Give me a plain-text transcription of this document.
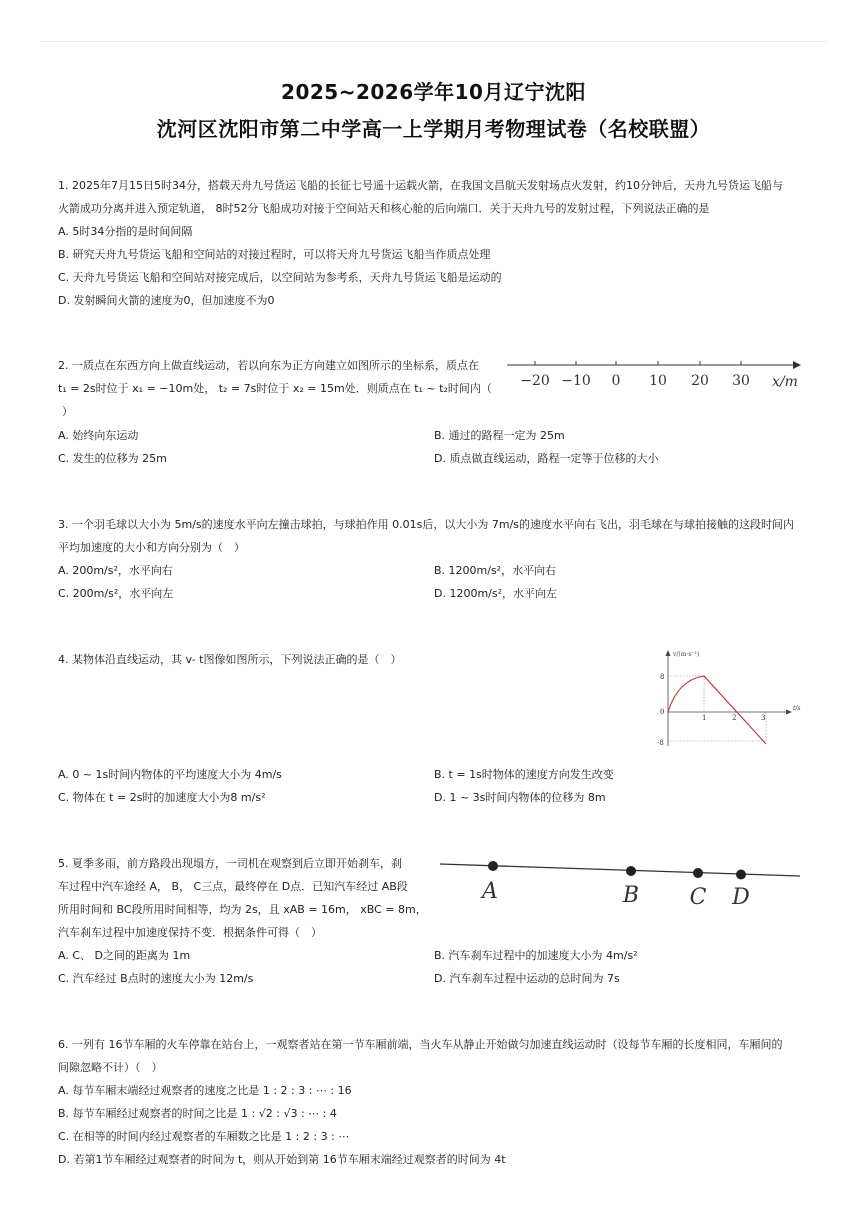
2025~2026学年10月辽宁沈阳
沈河区沈阳市第二中学高一上学期月考物理试卷（名校联盟）
1. 2025年7月15日5时34分，搭载天舟九号货运飞船的长征七号遥十运载火箭，在我国文昌航天发射场点火发射，约10分钟后，天舟九号货运飞船与
火箭成功分离并进入预定轨道， 8时52分飞船成功对接于空间站天和核心舱的后向端口．关于天舟九号的发射过程，下列说法正确的是
A. 5时34分指的是时间间隔
B. 研究天舟九号货运飞船和空间站的对接过程时，可以将天舟九号货运飞船当作质点处理
C. 天舟九号货运飞船和空间站对接完成后，以空间站为参考系，天舟九号货运飞船是运动的
D. 发射瞬间火箭的速度为0，但加速度不为0
2. 一质点在东西方向上做直线运动，若以向东为正方向建立如图所示的坐标系，质点在
t₁ = 2s时位于 x₁ = −10m处， t₂ = 7s时位于 x₂ = 15m处．则质点在 t₁ ~ t₂时间内（
）
−20 −10 0 10 20 30 x/m
A. 始终向东运动	B. 通过的路程一定为 25m
C. 发生的位移为 25m	D. 质点做直线运动，路程一定等于位移的大小
3. 一个羽毛球以大小为 5m/s的速度水平向左撞击球拍，与球拍作用 0.01s后，以大小为 7m/s的速度水平向右飞出，羽毛球在与球拍接触的这段时间内
平均加速度的大小和方向分别为（　）
A. 200m/s²，水平向右	B. 1200m/s²，水平向右
C. 200m/s²，水平向左	D. 1200m/s²，水平向左
4. 某物体沿直线运动，其 v- t图像如图所示，下列说法正确的是（　）	v/(m·s⁻¹)
t/s
8
-8
0
1	2	3
A. 0 ~ 1s时间内物体的平均速度大小为 4m/s	B. t = 1s时物体的速度方向发生改变
C. 物体在 t = 2s时的加速度大小为8 m/s²	D. 1 ~ 3s时间内物体的位移为 8m
5. 夏季多雨，前方路段出现塌方，一司机在观察到后立即开始刹车，刹
车过程中汽车途经 A， B， C三点，最终停在 D点．已知汽车经过 AB段
所用时间和 BC段所用时间相等，均为 2s，且 xAB = 16m， xBC = 8m，
汽车刹车过程中加速度保持不变．根据条件可得（　）
A	B C D
A. C、 D之间的距离为 1m	B. 汽车刹车过程中的加速度大小为 4m/s²
C. 汽车经过 B点时的速度大小为 12m/s	D. 汽车刹车过程中运动的总时间为 7s
6. 一列有 16节车厢的火车停靠在站台上，一观察者站在第一节车厢前端，当火车从静止开始做匀加速直线运动时（设每节车厢的长度相同，车厢间的
间隙忽略不计）（　）
A. 每节车厢末端经过观察者的速度之比是 1 : 2 : 3 : ⋯ : 16
B. 每节车厢经过观察者的时间之比是 1 : √2 : √3 : ⋯ : 4
C. 在相等的时间内经过观察者的车厢数之比是 1 : 2 : 3 : ⋯
D. 若第1节车厢经过观察者的时间为 t，则从开始到第 16节车厢末端经过观察者的时间为 4t
